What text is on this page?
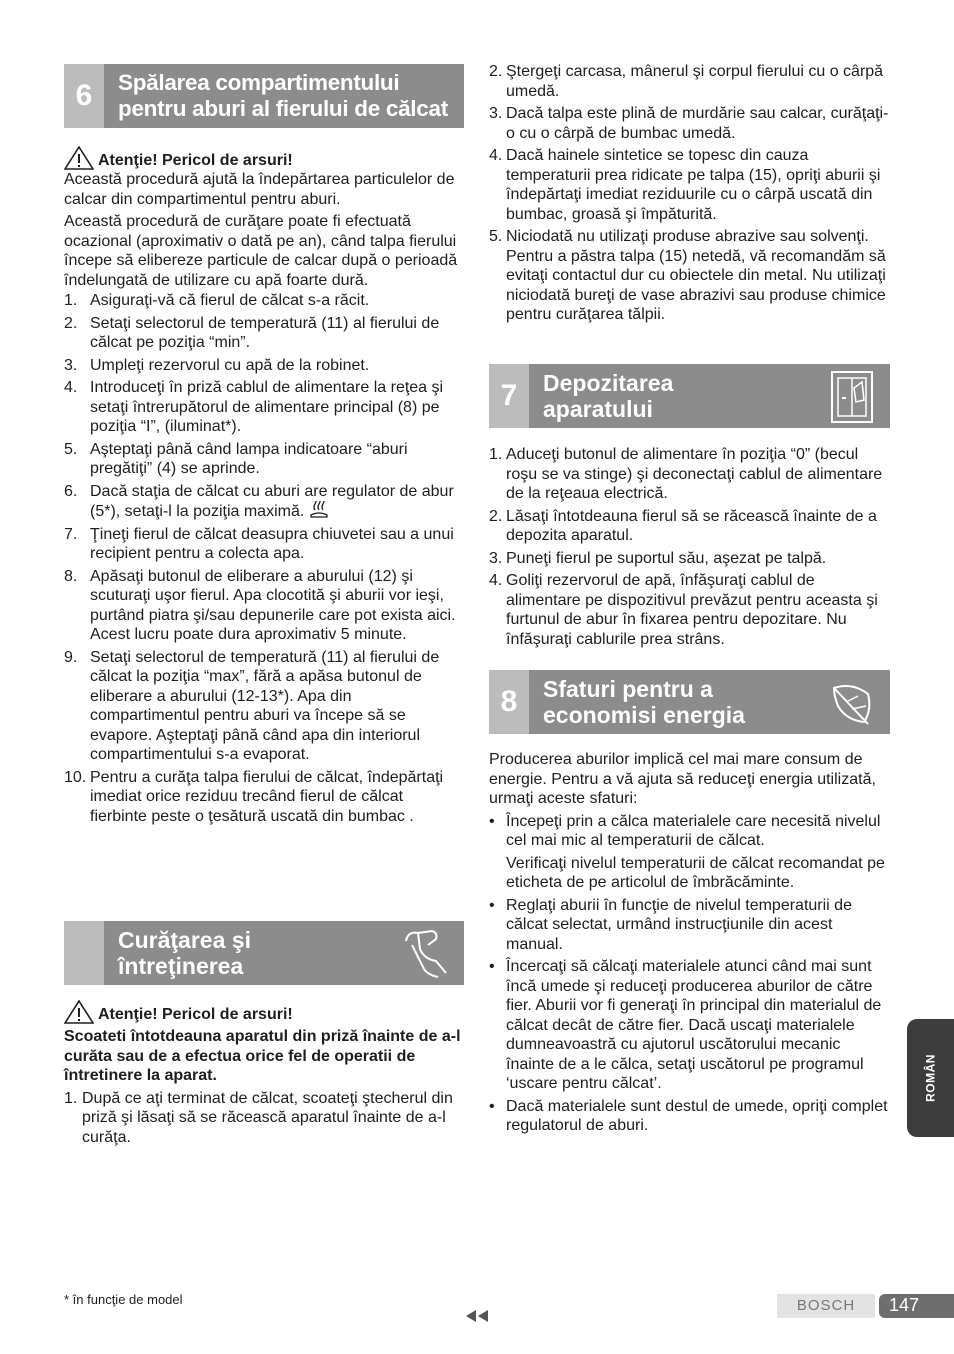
6	Spălarea compartimentului
pentru aburi al fierului de călcat
Atenţie! Pericol de arsuri!

Această procedură ajută la îndepărtarea particulelor de calcar din compartimentul pentru aburi.

Această procedură de curăţare poate fi efectuată ocazional (aproximativ o dată pe an), când talpa fierului începe să elibereze particule de calcar după o perioadă îndelungată de utilizare cu apă foarte dură.

1. Asiguraţi-vă că fierul de călcat s-a răcit.
2. Setaţi selectorul de temperatură (11) al fierului de călcat pe poziţia “min”.
3. Umpleţi rezervorul cu apă de la robinet.
4. Introduceţi în priză cablul de alimentare la reţea şi setaţi întrerupătorul de alimentare principal (8) pe poziţia “I”, (iluminat*).
5. Aşteptaţi până când lampa indicatoare “aburi pregătiţi” (4) se aprinde.
6. Dacă staţia de călcat cu aburi are regulator de abur (5*), setaţi-l la poziţia maximă.
7. Ţineţi fierul de călcat deasupra chiuvetei sau a unui recipient pentru a colecta apa.
8. Apăsaţi butonul de eliberare a aburului (12) şi scuturaţi uşor fierul. Apa clocotită şi aburii vor ieşi, purtând piatra şi/sau depunerile care pot exista aici. Acest lucru poate dura aproximativ 5 minute.
9. Setaţi selectorul de temperatură (11) al fierului de călcat la poziţia “max”, fără a apăsa butonul de eliberare a aburului (12-13*). Apa din compartimentul pentru aburi va începe să se evapore. Aşteptaţi până când apa din interiorul compartimentului s-a evaporat.
10. Pentru a curăţa talpa fierului de călcat, îndepărtaţi imediat orice reziduu trecând fierul de călcat fierbinte peste o ţesătură uscată din bumbac .
Curăţarea şi
întreţinerea
Atenţie! Pericol de arsuri!

Scoateti întotdeauna aparatul din priză înainte de a-l curăta sau de a efectua orice fel de operatii de întretinere la aparat.

1. După ce aţi terminat de călcat, scoateţi ştecherul din priză şi lăsaţi să se răcească aparatul înainte de a-l curăţa.
2. Ştergeţi carcasa, mânerul şi corpul fierului cu o cârpă umedă.
3. Dacă talpa este plină de murdărie sau calcar, curăţaţi-o cu o cârpă de bumbac umedă.
4. Dacă hainele sintetice se topesc din cauza temperaturii prea ridicate pe talpa (15), opriţi aburii şi îndepărtaţi imediat reziduurile cu o cârpă uscată din bumbac, groasă şi împăturită.
5. Niciodată nu utilizaţi produse abrazive sau solvenţi. Pentru a păstra talpa (15) netedă, vă recomandăm să evitaţi contactul dur cu obiectele din metal. Nu utilizaţi niciodată bureţi de vase abrazivi sau produse chimice pentru curăţarea tălpii.
7	Depozitarea
aparatului
1. Aduceţi butonul de alimentare în poziţia “0” (becul roşu se va stinge) şi deconectaţi cablul de alimentare de la reţeaua electrică.
2. Lăsaţi întotdeauna fierul să se răcească înainte de a depozita aparatul.
3. Puneţi fierul pe suportul său, aşezat pe talpă.
4. Goliţi rezervorul de apă, înfăşuraţi cablul de alimentare pe dispozitivul prevăzut pentru aceasta şi furtunul de abur în fixarea pentru depozitare. Nu înfăşuraţi cablurile prea strâns.
8	Sfaturi pentru a
economisi energia

Producerea aburilor implică cel mai mare consum de energie. Pentru a vă ajuta să reduceţi energia utilizată, urmaţi aceste sfaturi:

• Începeţi prin a călca materialele care necesită nivelul cel mai mic al temperaturii de călcat.

Verificaţi nivelul temperaturii de călcat recomandat pe eticheta de pe articolul de îmbrăcăminte.

• Reglaţi aburii în funcţie de nivelul temperaturii de călcat selectat, urmând instrucţiunile din acest manual.
• Încercaţi să călcaţi materialele atunci când mai sunt încă umede şi reduceţi producerea aburilor de către fier. Aburii vor fi generaţi în principal din materialul de călcat decât de către fier. Dacă uscaţi materialele dumneavoastră cu ajutorul uscătorului mecanic înainte de a le călca, setaţi uscătorul pe programul ‘uscare pentru călcat’.
• Dacă materialele sunt destul de umede, opriţi complet regulatorul de aburi.
ROMÂN
* în funcţie de model	BOSCH	147
